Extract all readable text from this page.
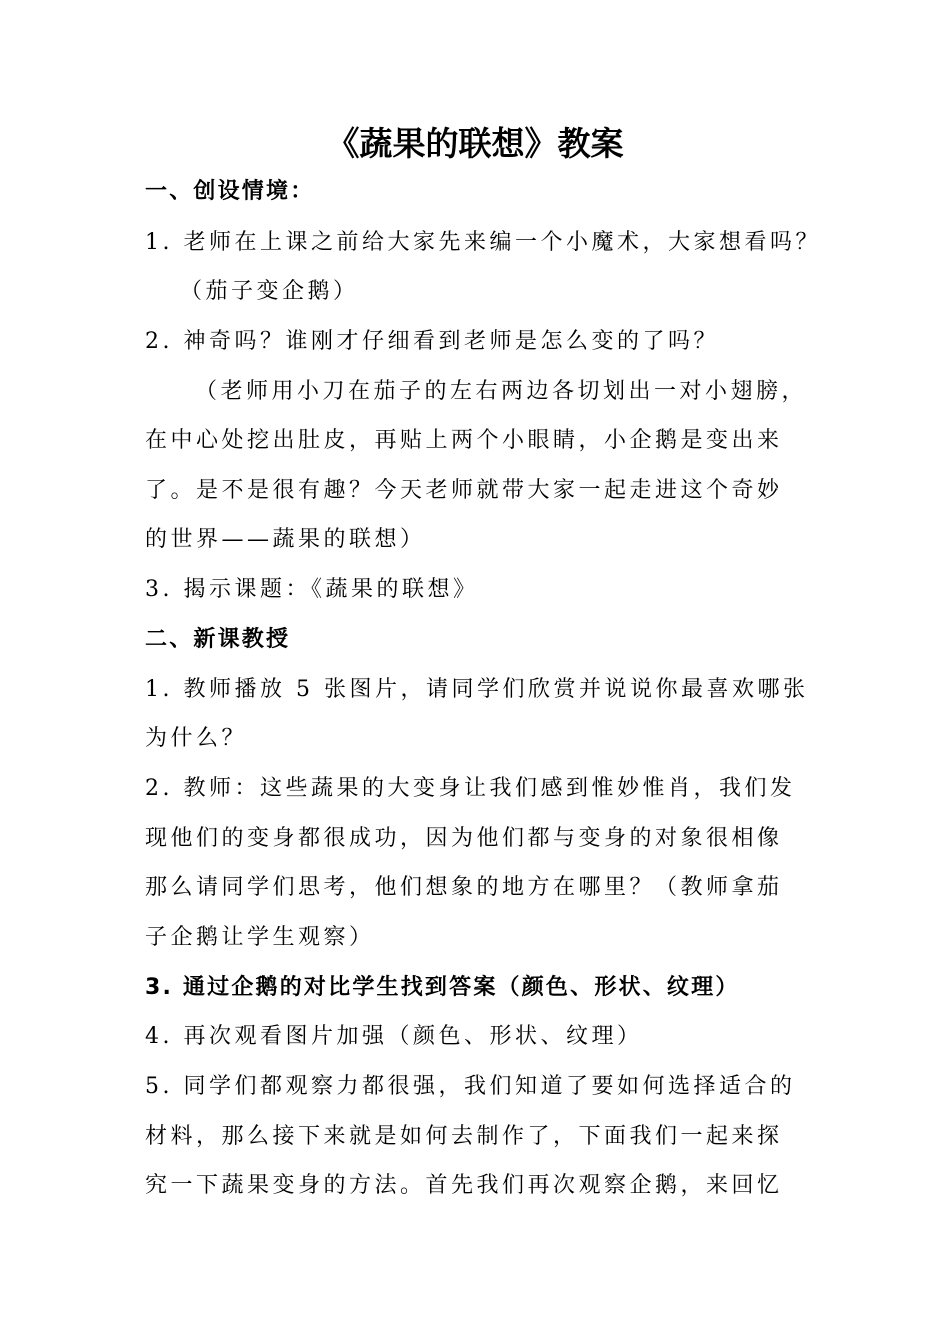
《蔬果的联想》教案
一、创设情境：
1. 老师在上课之前给大家先来编一个小魔术，大家想看吗？
（茄子变企鹅）
2. 神奇吗？谁刚才仔细看到老师是怎么变的了吗？
（老师用小刀在茄子的左右两边各切划出一对小翅膀，
在中心处挖出肚皮，再贴上两个小眼睛，小企鹅是变出来
了。是不是很有趣？今天老师就带大家一起走进这个奇妙
的世界——蔬果的联想）
3. 揭示课题：《蔬果的联想》
二、新课教授
1. 教师播放 5 张图片，请同学们欣赏并说说你最喜欢哪张
为什么？
2. 教师：这些蔬果的大变身让我们感到惟妙惟肖，我们发
现他们的变身都很成功，因为他们都与变身的对象很相像
那么请同学们思考，他们想象的地方在哪里？（教师拿茄
子企鹅让学生观察）
3. 通过企鹅的对比学生找到答案（颜色、形状、纹理）
4. 再次观看图片加强（颜色、形状、纹理）
5. 同学们都观察力都很强，我们知道了要如何选择适合的
材料，那么接下来就是如何去制作了，下面我们一起来探
究一下蔬果变身的方法。首先我们再次观察企鹅，来回忆
